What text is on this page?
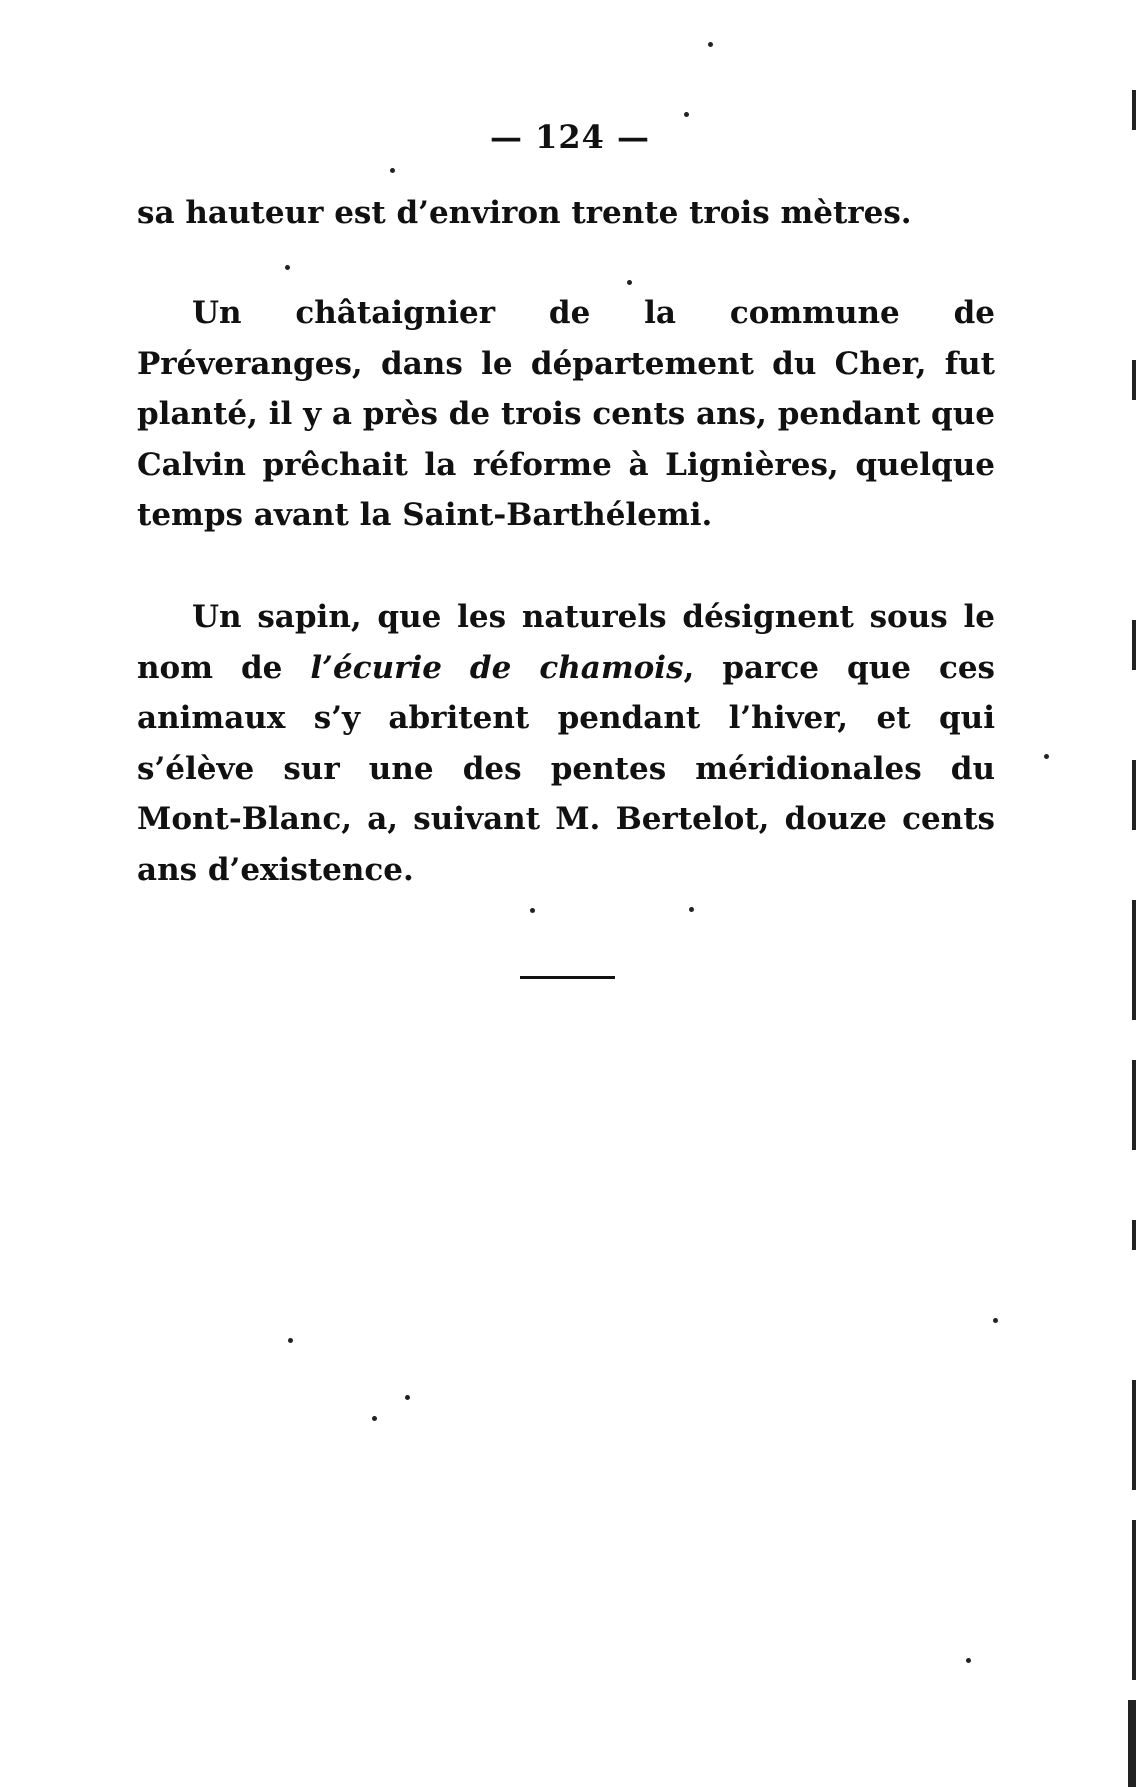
— 124 —

sa hauteur est d’environ trente trois mètres.

Un châtaignier de la commune de Préveranges, dans le département du Cher, fut planté, il y a près de trois cents ans, pendant que Calvin prêchait la réforme à Lignières, quelque temps avant la Saint-Barthélemi.

Un sapin, que les naturels désignent sous le nom de l’écurie de chamois, parce que ces animaux s’y abritent pendant l’hiver, et qui s’élève sur une des pentes méridionales du Mont-Blanc, a, suivant M. Bertelot, douze cents ans d’existence.
